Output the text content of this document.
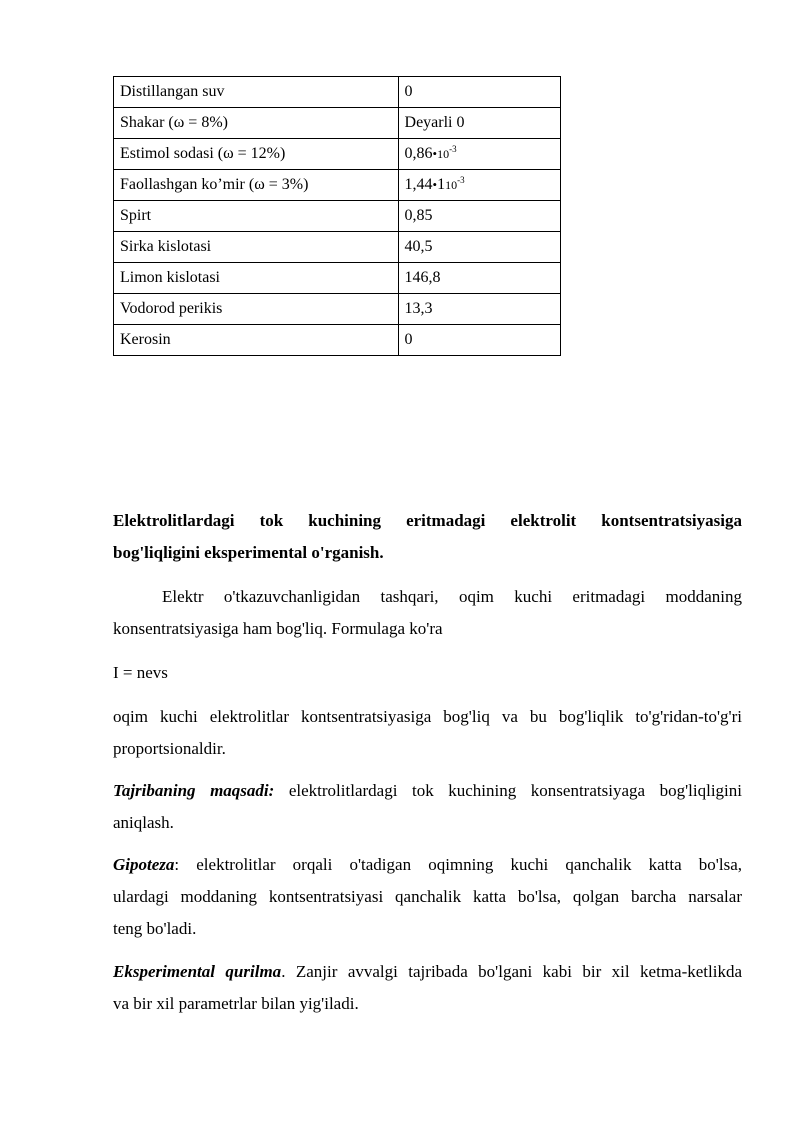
Distillangan suv	0
Shakar (ω = 8%)	Deyarli 0
Estimol sodasi (ω = 12%)	$0,86•10^{-3}$
Faollashgan ko’mir (ω = 3%)	$1,44•110^{-3}$
Spirt	0,85
Sirka kislotasi	40,5
Limon kislotasi	146,8
Vodorod perikis	13,3
Kerosin	0
Elektrolitlardagi tok kuchining eritmadagi elektrolit kontsentratsiyasiga
bog'liqligini eksperimental o'rganish.
Elektr o'tkazuvchanligidan tashqari, oqim kuchi eritmadagi moddaning
konsentratsiyasiga ham bog'liq. Formulaga ko'ra
I = nevs
oqim kuchi elektrolitlar kontsentratsiyasiga bog'liq va bu bog'liqlik to'g'ridan-to'g'ri
proportsionaldir.
Tajribaning maqsadi: elektrolitlardagi tok kuchining konsentratsiyaga bog'liqligini
aniqlash.
Gipoteza: elektrolitlar orqali o'tadigan oqimning kuchi qanchalik katta bo'lsa,
ulardagi moddaning kontsentratsiyasi qanchalik katta bo'lsa, qolgan barcha narsalar
teng bo'ladi.
Eksperimental qurilma. Zanjir avvalgi tajribada bo'lgani kabi bir xil ketma-ketlikda
va bir xil parametrlar bilan yig'iladi.
